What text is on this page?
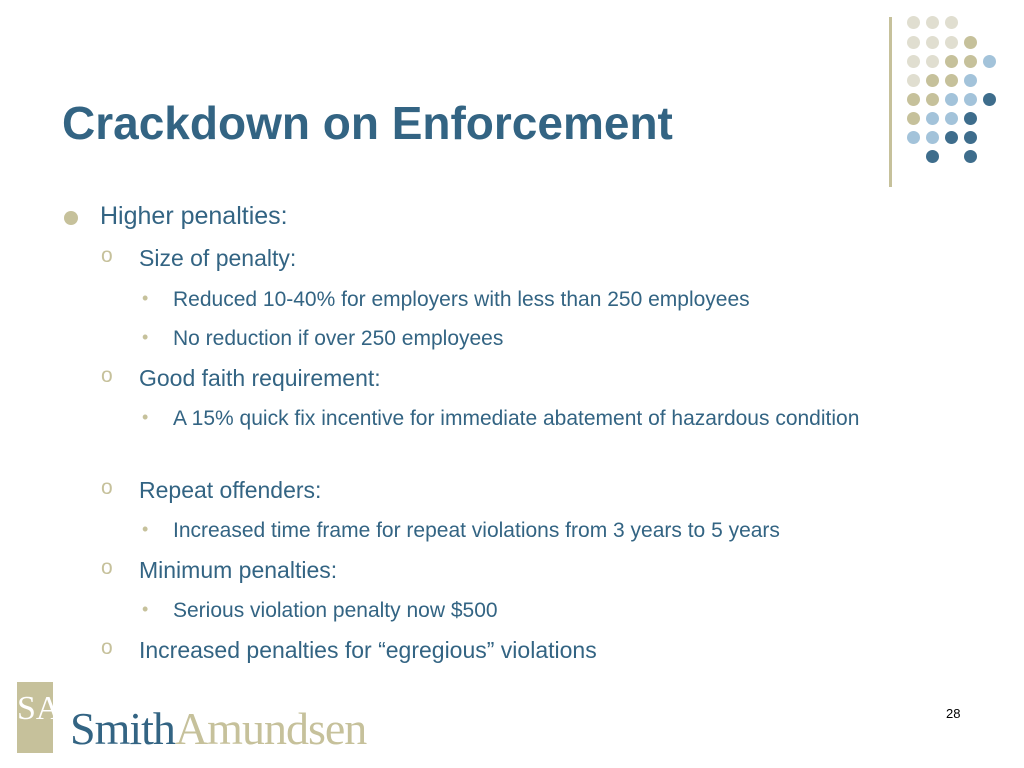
Crackdown on Enforcement
Higher penalties:
o Size of penalty:
• Reduced 10-40% for employers with less than 250 employees
• No reduction if over 250 employees
o Good faith requirement:
• A 15% quick fix incentive for immediate abatement of hazardous condition
o Repeat offenders:
• Increased time frame for repeat violations from 3 years to 5 years
o Minimum penalties:
• Serious violation penalty now $500
o Increased penalties for “egregious” violations
SA SmithAmundsen	28
